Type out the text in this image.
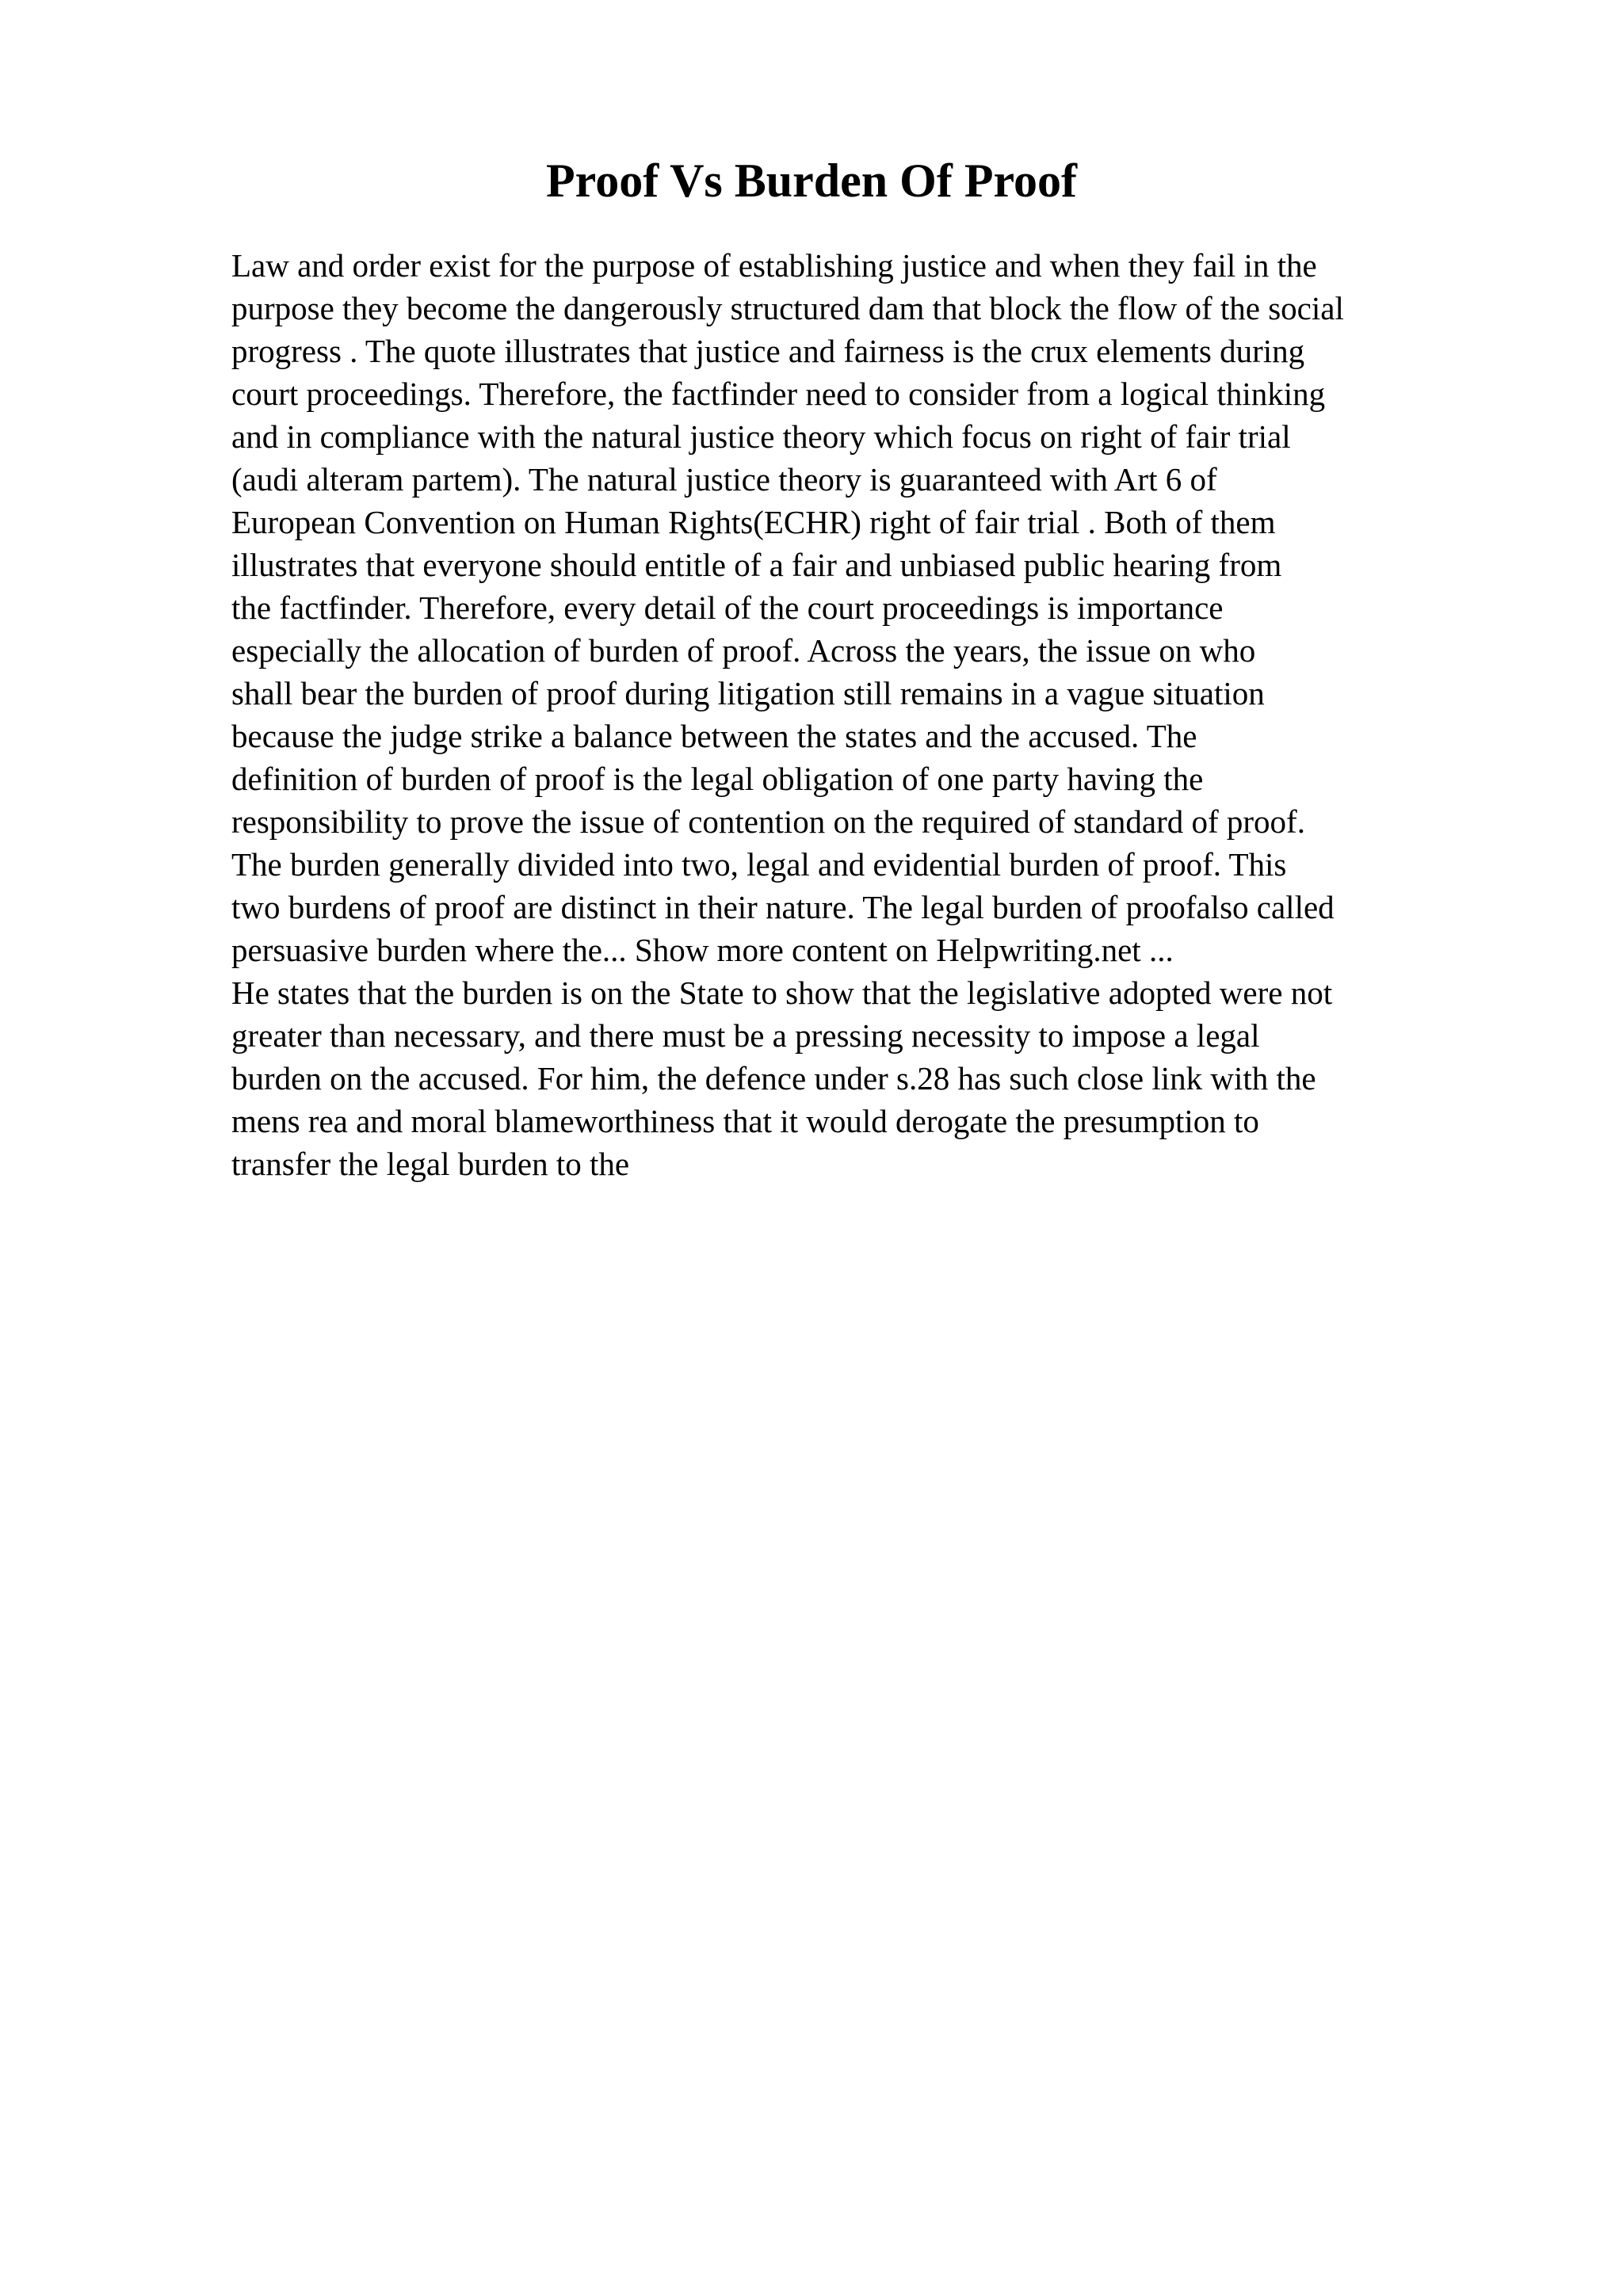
Proof Vs Burden Of Proof
Law and order exist for the purpose of establishing justice and when they fail in the
purpose they become the dangerously structured dam that block the flow of the social
progress . The quote illustrates that justice and fairness is the crux elements during
court proceedings. Therefore, the factfinder need to consider from a logical thinking
and in compliance with the natural justice theory which focus on right of fair trial
(audi alteram partem). The natural justice theory is guaranteed with Art 6 of
European Convention on Human Rights(ECHR) right of fair trial . Both of them
illustrates that everyone should entitle of a fair and unbiased public hearing from
the factfinder. Therefore, every detail of the court proceedings is importance
especially the allocation of burden of proof. Across the years, the issue on who
shall bear the burden of proof during litigation still remains in a vague situation
because the judge strike a balance between the states and the accused. The
definition of burden of proof is the legal obligation of one party having the
responsibility to prove the issue of contention on the required of standard of proof.
The burden generally divided into two, legal and evidential burden of proof. This
two burdens of proof are distinct in their nature. The legal burden of proofalso called
persuasive burden where the... Show more content on Helpwriting.net ...
He states that the burden is on the State to show that the legislative adopted were not
greater than necessary, and there must be a pressing necessity to impose a legal
burden on the accused. For him, the defence under s.28 has such close link with the
mens rea and moral blameworthiness that it would derogate the presumption to
transfer the legal burden to the
